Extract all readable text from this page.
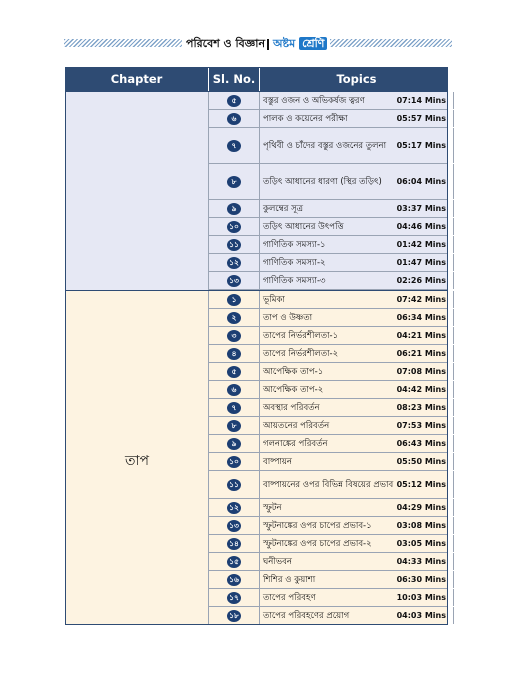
পরিবেশ ও বিজ্ঞান অষ্টম শ্রেণি
Chapter	Sl. No.	Topics	Duration
৫	বস্তুর ওজন ও অভিকর্ষজ ত্বরণ	07:14 Mins
৬	পালক ও কয়েনের পরীক্ষা	05:57 Mins
৭	পৃথিবী ও চাঁদের বস্তুর ওজনের তুলনা	05:17 Mins
৮	তড়িৎ আধানের ধারণা (স্থির তড়িৎ)	06:04 Mins
৯	কুলম্বের সূত্র	03:37 Mins
১০	তড়িৎ আধানের উৎপত্তি	04:46 Mins
১১	গাণিতিক সমস্যা-১	01:42 Mins
১২	গাণিতিক সমস্যা-২	01:47 Mins
১৩	গাণিতিক সমস্যা-৩	02:26 Mins
১	ভূমিকা	07:42 Mins
২	তাপ ও উষ্ণতা	06:34 Mins
৩	তাপের নির্ভরশীলতা-১	04:21 Mins
৪	তাপের নির্ভরশীলতা-২	06:21 Mins
৫	আপেক্ষিক তাপ-১	07:08 Mins
৬	আপেক্ষিক তাপ-২	04:42 Mins
৭	অবস্থার পরিবর্তন	08:23 Mins
৮	আয়তনের পরিবর্তন	07:53 Mins
৯	গলনাঙ্কের পরিবর্তন	06:43 Mins
১০	বাষ্পায়ন	05:50 Mins
১১	বাষ্পায়নের ওপর বিভিন্ন বিষয়ের প্রভাব 05:12 Mins
১২	স্ফুটন	04:29 Mins
১৩	স্ফুটনাঙ্কের ওপর চাপের প্রভাব-১	03:08 Mins
১৪	স্ফুটনাঙ্কের ওপর চাপের প্রভাব-২	03:05 Mins
১৫	ঘনীভবন	04:33 Mins
১৬	শিশির ও কুয়াশা	06:30 Mins
১৭	তাপের পরিবহণ	10:03 Mins
১৮	তাপের পরিবহণের প্রয়োগ	04:03 Mins
তাপ
